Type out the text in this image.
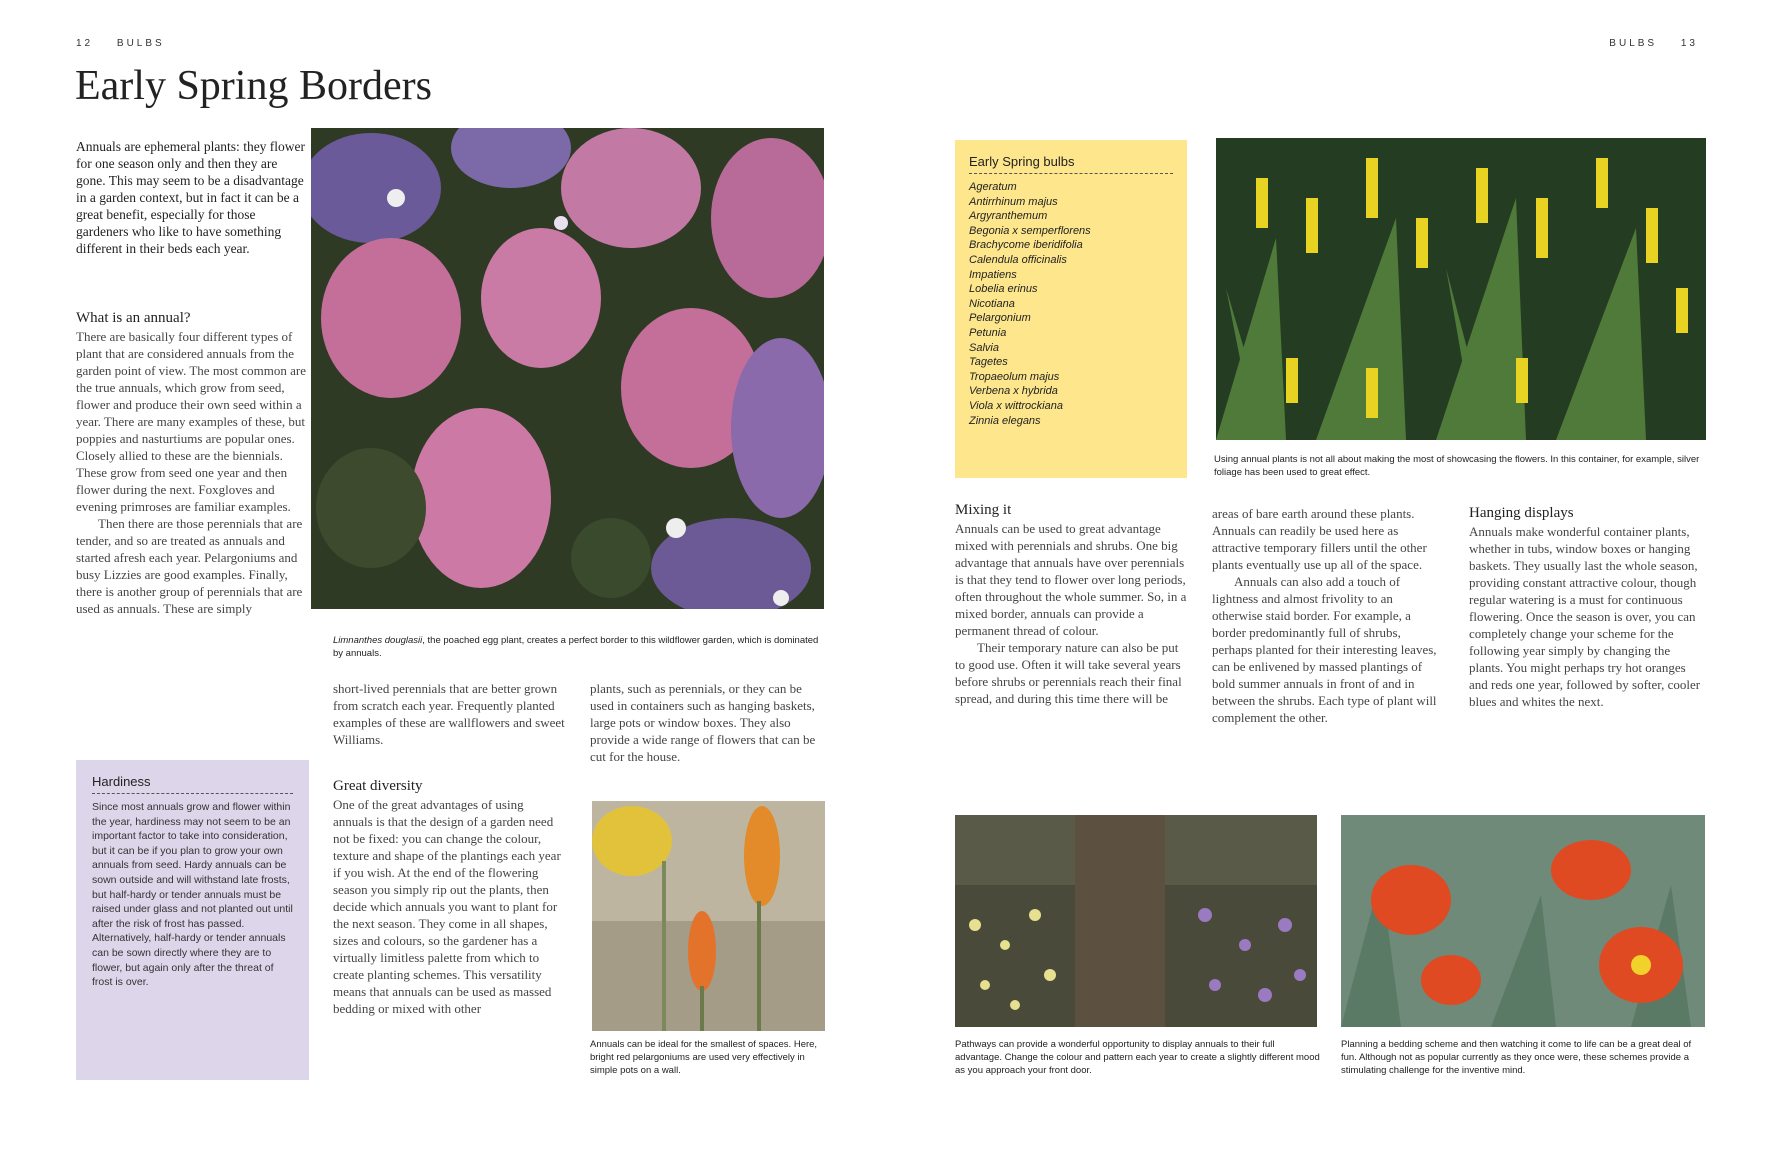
12 BULBS	BULBS 13
Early Spring Borders
Annuals are ephemeral plants: they flower for one season only and then they are gone. This may seem to be a disadvantage in a garden context, but in fact it can be a great benefit, especially for those gardeners who like to have something different in their beds each year.
What is an annual?

There are basically four different types of plant that are considered annuals from the garden point of view. The most common are the true annuals, which grow from seed, flower and produce their own seed within a year. There are many examples of these, but poppies and nasturtiums are popular ones. Closely allied to these are the biennials. These grow from seed one year and then flower during the next. Foxgloves and evening primroses are familiar examples.

Then there are those perennials that are tender, and so are treated as annuals and started afresh each year. Pelargoniums and busy Lizzies are good examples. Finally, there is another group of perennials that are used as annuals. These are simply

Hardiness
Since most annuals grow and flower within the year, hardiness may not seem to be an important factor to take into consideration, but it can be if you plan to grow your own annuals from seed. Hardy annuals can be sown outside and will withstand late frosts, but half-hardy or tender annuals must be raised under glass and not planted out until after the risk of frost has passed. Alternatively, half-hardy or tender annuals can be sown directly where they are to flower, but again only after the threat of frost is over.
Limnanthes douglasii, the poached egg plant, creates a perfect border to this wildflower garden, which is dominated by annuals.

short-lived perennials that are better grown from scratch each year. Frequently planted examples of these are wallflowers and sweet Williams.

Great diversity

One of the great advantages of using annuals is that the design of a garden need not be fixed: you can change the colour, texture and shape of the plantings each year if you wish. At the end of the flowering season you simply rip out the plants, then decide which annuals you want to plant for the next season. They come in all shapes, sizes and colours, so the gardener has a virtually limitless palette from which to create planting schemes. This versatility means that annuals can be used as massed bedding or mixed with other

plants, such as perennials, or they can be used in containers such as hanging baskets, large pots or window boxes. They also provide a wide range of flowers that can be cut for the house.

Annuals can be ideal for the smallest of spaces. Here, bright red pelargoniums are used very effectively in simple pots on a wall.
Early Spring bulbs
Ageratum
Antirrhinum majus
Argyranthemum
Begonia x semperflorens
Brachycome iberidifolia
Calendula officinalis
Impatiens
Lobelia erinus
Nicotiana
Pelargonium
Petunia
Salvia
Tagetes
Tropaeolum majus
Verbena x hybrida
Viola x wittrockiana
Zinnia elegans
Using annual plants is not all about making the most of showcasing the flowers. In this container, for example, silver foliage has been used to great effect.
Mixing it

Annuals can be used to great advantage mixed with perennials and shrubs. One big advantage that annuals have over perennials is that they tend to flower over long periods, often throughout the whole summer. So, in a mixed border, annuals can provide a permanent thread of colour.

Their temporary nature can also be put to good use. Often it will take several years before shrubs or perennials reach their final spread, and during this time there will be

areas of bare earth around these plants. Annuals can readily be used here as attractive temporary fillers until the other plants eventually use up all of the space.

Annuals can also add a touch of lightness and almost frivolity to an otherwise staid border. For example, a border predominantly full of shrubs, perhaps planted for their interesting leaves, can be enlivened by massed plantings of bold summer annuals in front of and in between the shrubs. Each type of plant will complement the other.

Hanging displays

Annuals make wonderful container plants, whether in tubs, window boxes or hanging baskets. They usually last the whole season, providing constant attractive colour, though regular watering is a must for continuous flowering. Once the season is over, you can completely change your scheme for the following year simply by changing the plants. You might perhaps try hot oranges and reds one year, followed by softer, cooler blues and whites the next.

Pathways can provide a wonderful opportunity to display annuals to their full advantage. Change the colour and pattern each year to create a slightly different mood as you approach your front door.
Planning a bedding scheme and then watching it come to life can be a great deal of fun. Although not as popular currently as they once were, these schemes provide a stimulating challenge for the inventive mind.
